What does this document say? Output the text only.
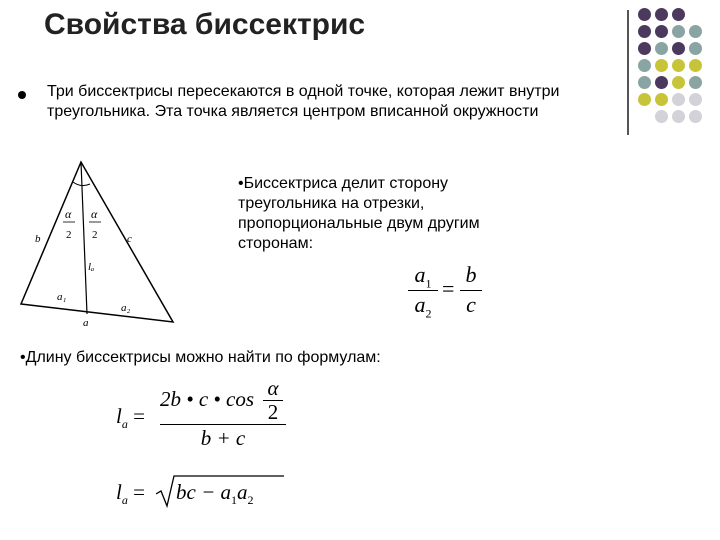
Свойства биссектрис
Три биссектрисы пересекаются в одной точке, которая лежит внутри треугольника. Эта точка является центром вписанной окружности
b	c
α
2
α
2
lₐ
a₁
a₂
a
•Биссектриса делит сторону треугольника на отрезки, пропорциональные двум другим сторонам:
$a_1$
$a_2$
=
b
c
•Длину биссектрисы можно найти по формулам:
$l_a$ =
2b • c • cos α
2
b + c
$l_a$ = bc − $a_1a_2$
